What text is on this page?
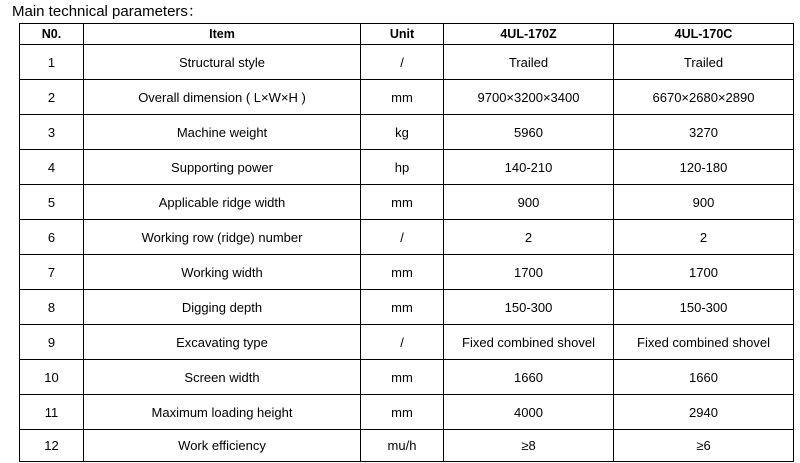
Main technical parameters：
N0.	Item	Unit	4UL-170Z	4UL-170C
1	Structural style	/	Trailed	Trailed
2	Overall dimension ( L×W×H )	mm	9700×3200×3400	6670×2680×2890
3	Machine weight	kg	5960	3270
4	Supporting power	hp	140-210	120-180
5	Applicable ridge width	mm	900	900
6	Working row (ridge) number	/	2	2
7	Working width	mm	1700	1700
8	Digging depth	mm	150-300	150-300
9	Excavating type	/	Fixed combined shovel	Fixed combined shovel
10	Screen width	mm	1660	1660
11	Maximum loading height	mm	4000	2940
12	Work efficiency	mu/h	≥8	≥6
